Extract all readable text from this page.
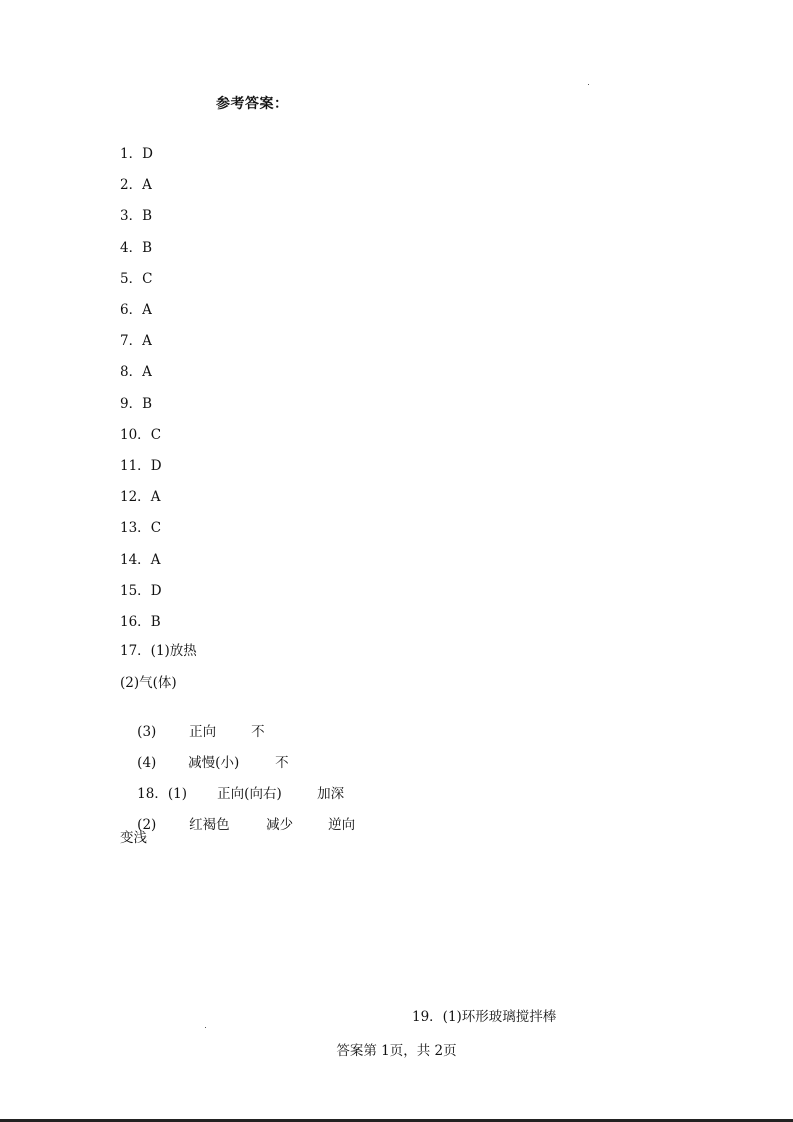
参考答案：
1．D
2．A
3．B
4．B
5．C
6．A
7．A
8．A
9．B
10．C
11．D
12．A
13．C
14．A
15．D
16．B
17．(1)放热
(2)气(体)

(3) 正向	不

(4) 减慢(小)	不

18．(1) 正向(向右)	加深

(2) 红褐色	减少	逆向

变浅
19．(1)环形玻璃搅拌棒
答案第 1页，共 2页
